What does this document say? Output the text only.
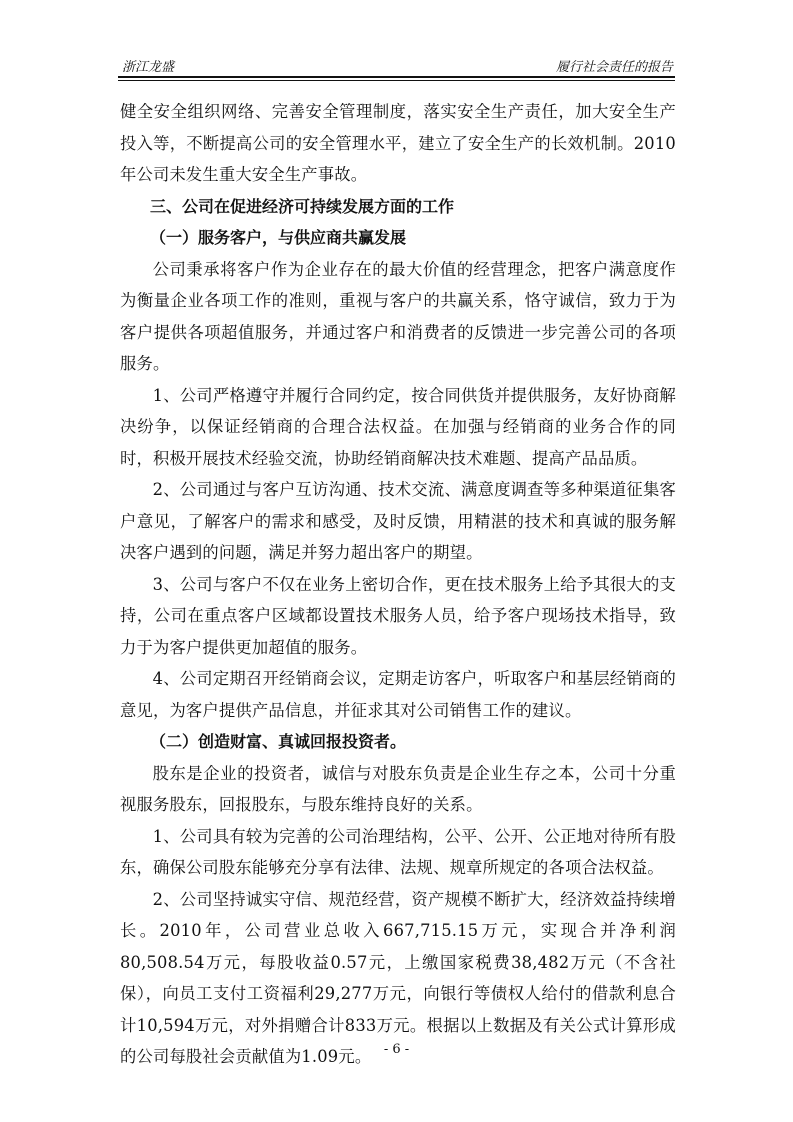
浙江龙盛	履行社会责任的报告

健全安全组织网络、完善安全管理制度，落实安全生产责任，加大安全生产投入等，不断提高公司的安全管理水平，建立了安全生产的长效机制。2010年公司未发生重大安全生产事故。

三、公司在促进经济可持续发展方面的工作

（一）服务客户，与供应商共赢发展

公司秉承将客户作为企业存在的最大价值的经营理念，把客户满意度作为衡量企业各项工作的准则，重视与客户的共赢关系，恪守诚信，致力于为客户提供各项超值服务，并通过客户和消费者的反馈进一步完善公司的各项服务。

1、公司严格遵守并履行合同约定，按合同供货并提供服务，友好协商解决纷争，以保证经销商的合理合法权益。在加强与经销商的业务合作的同时，积极开展技术经验交流，协助经销商解决技术难题、提高产品品质。

2、公司通过与客户互访沟通、技术交流、满意度调查等多种渠道征集客户意见，了解客户的需求和感受，及时反馈，用精湛的技术和真诚的服务解决客户遇到的问题，满足并努力超出客户的期望。

3、公司与客户不仅在业务上密切合作，更在技术服务上给予其很大的支持，公司在重点客户区域都设置技术服务人员，给予客户现场技术指导，致力于为客户提供更加超值的服务。

4、公司定期召开经销商会议，定期走访客户，听取客户和基层经销商的意见，为客户提供产品信息，并征求其对公司销售工作的建议。

（二）创造财富、真诚回报投资者。

股东是企业的投资者，诚信与对股东负责是企业生存之本，公司十分重视服务股东，回报股东，与股东维持良好的关系。

1、公司具有较为完善的公司治理结构，公平、公开、公正地对待所有股东，确保公司股东能够充分享有法律、法规、规章所规定的各项合法权益。

2、公司坚持诚实守信、规范经营，资产规模不断扩大，经济效益持续增长。2010年，公司营业总收入667,715.15万元，实现合并净利润80,508.54万元，每股收益0.57元，上缴国家税费38,482万元（不含社保），向员工支付工资福利29,277万元，向银行等债权人给付的借款利息合计10,594万元，对外捐赠合计833万元。根据以上数据及有关公式计算形成的公司每股社会贡献值为1.09元。 - 6 -
